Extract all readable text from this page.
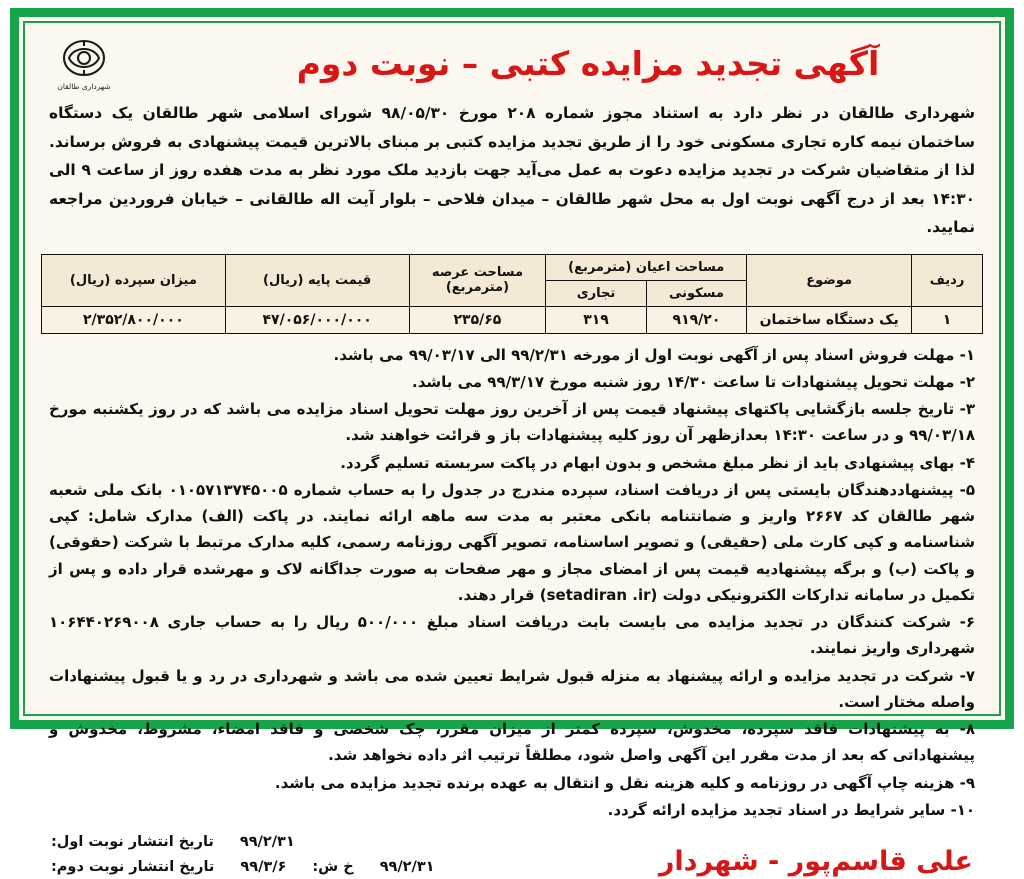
شهرداری طالقان
آگهی تجدید مزایده کتبی – نوبت دوم
شهرداری طالقان در نظر دارد به استناد مجوز شماره ۲۰۸ مورخ ۹۸/۰۵/۳۰ شورای اسلامی شهر طالقان یک دستگاه ساختمان نیمه کاره تجاری مسکونی خود را از طریق تجدید مزایده کتبی بر مبنای بالاترین قیمت پیشنهادی به فروش برساند. لذا از متقاضیان شرکت در تجدید مزایده دعوت به عمل می‌آید جهت بازدید ملک مورد نظر به مدت هفده روز از ساعت ۹ الی ۱۴:۳۰ بعد از درج آگهی نوبت اول به محل شهر طالقان – میدان فلاحی – بلوار آیت اله طالقانی – خیابان فروردین مراجعه نمایید.
ردیف	موضوع	مساحت اعیان (مترمربع)		مساحت عرصه (مترمربع)	قیمت پایه (ریال)	میزان سپرده (ریال)
		مسکونی	تجاری			
۱	یک دستگاه ساختمان	۹۱۹/۲۰	۳۱۹	۲۳۵/۶۵	۴۷/۰۵۶/۰۰۰/۰۰۰	۲/۳۵۲/۸۰۰/۰۰۰

۱- مهلت فروش اسناد پس از آگهی نوبت اول از مورخه ۹۹/۲/۳۱ الی ۹۹/۰۳/۱۷ می باشد.

۲- مهلت تحویل پیشنهادات تا ساعت ۱۴/۳۰ روز شنبه مورخ ۹۹/۳/۱۷ می باشد.

۳- تاریخ جلسه بازگشایی پاکتهای پیشنهاد قیمت پس از آخرین روز مهلت تحویل اسناد مزایده می باشد که در روز یکشنبه مورخ ۹۹/۰۳/۱۸ و در ساعت ۱۴:۳۰ بعدازظهر آن روز کلیه پیشنهادات باز و قرائت خواهند شد.

۴- بهای پیشنهادی باید از نظر مبلغ مشخص و بدون ابهام در پاکت سربسته تسلیم گردد.

۵- پیشنهاددهندگان بایستی پس از دریافت اسناد، سپرده مندرج در جدول را به حساب شماره ۰۱۰۵۷۱۳۷۴۵۰۰۵ بانک ملی شعبه شهر طالقان کد ۲۶۶۷ واریز و ضمانتنامه بانکی معتبر به مدت سه ماهه ارائه نمایند. در پاکت (الف) مدارک شامل: کپی شناسنامه و کپی کارت ملی (حقیقی) و تصویر اساسنامه، تصویر آگهی روزنامه رسمی، کلیه مدارک مرتبط با شرکت (حقوقی) و پاکت (ب) و برگه پیشنهادیه قیمت پس از امضای مجاز و مهر صفحات به صورت جداگانه لاک و مهرشده قرار داده و پس از تکمیل در سامانه تدارکات الکترونیکی دولت (setadiran .ir) قرار دهند.

۶- شرکت کنندگان در تجدید مزایده می بایست بابت دریافت اسناد مبلغ ۵۰۰/۰۰۰ ریال را به حساب جاری ۱۰۶۴۴۰۲۶۹۰۰۸ شهرداری واریز نمایند.

۷- شرکت در تجدید مزایده و ارائه پیشنهاد به منزله قبول شرایط تعیین شده می باشد و شهرداری در رد و یا قبول پیشنهادات واصله مختار است.

۸- به پیشنهادات فاقد سپرده، مخدوش، سپرده کمتر از میزان مقرر، چک شخصی و فاقد امضاء، مشروط، مخدوش و پیشنهاداتی که بعد از مدت مقرر این آگهی واصل شود، مطلقاً ترتیب اثر داده نخواهد شد.

۹- هزینه چاپ آگهی در روزنامه و کلیه هزینه نقل و انتقال به عهده برنده تجدید مزایده می باشد.

۱۰- سایر شرایط در اسناد تجدید مزایده ارائه گردد.

تاریخ انتشار نوبت اول: ۹۹/۲/۳۱
تاریخ انتشار نوبت دوم: ۹۹/۳/۶ خ ش: ۹۹/۲/۳۱	علی قاسم‌پور - شهردار
